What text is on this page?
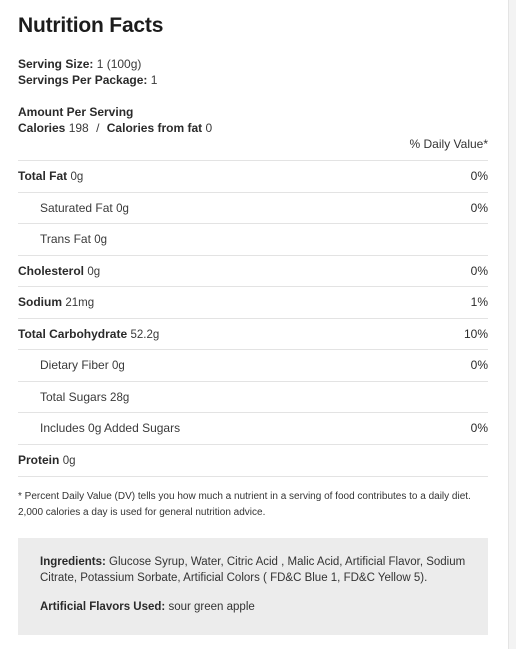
Nutrition Facts
Serving Size: 1 (100g)
Servings Per Package: 1
Amount Per Serving
Calories 198 / Calories from fat 0
% Daily Value*
Total Fat 0g	0%
Saturated Fat 0g	0%
Trans Fat 0g
Cholesterol 0g	0%
Sodium 21mg	1%
Total Carbohydrate 52.2g	10%
Dietary Fiber 0g	0%
Total Sugars 28g
Includes 0g Added Sugars	0%
Protein 0g
* Percent Daily Value (DV) tells you how much a nutrient in a serving of food contributes to a daily diet. 2,000 calories a day is used for general nutrition advice.

Ingredients: Glucose Syrup, Water, Citric Acid , Malic Acid, Artificial Flavor, Sodium Citrate, Potassium Sorbate, Artificial Colors ( FD&C Blue 1, FD&C Yellow 5).

Artificial Flavors Used: sour green apple
